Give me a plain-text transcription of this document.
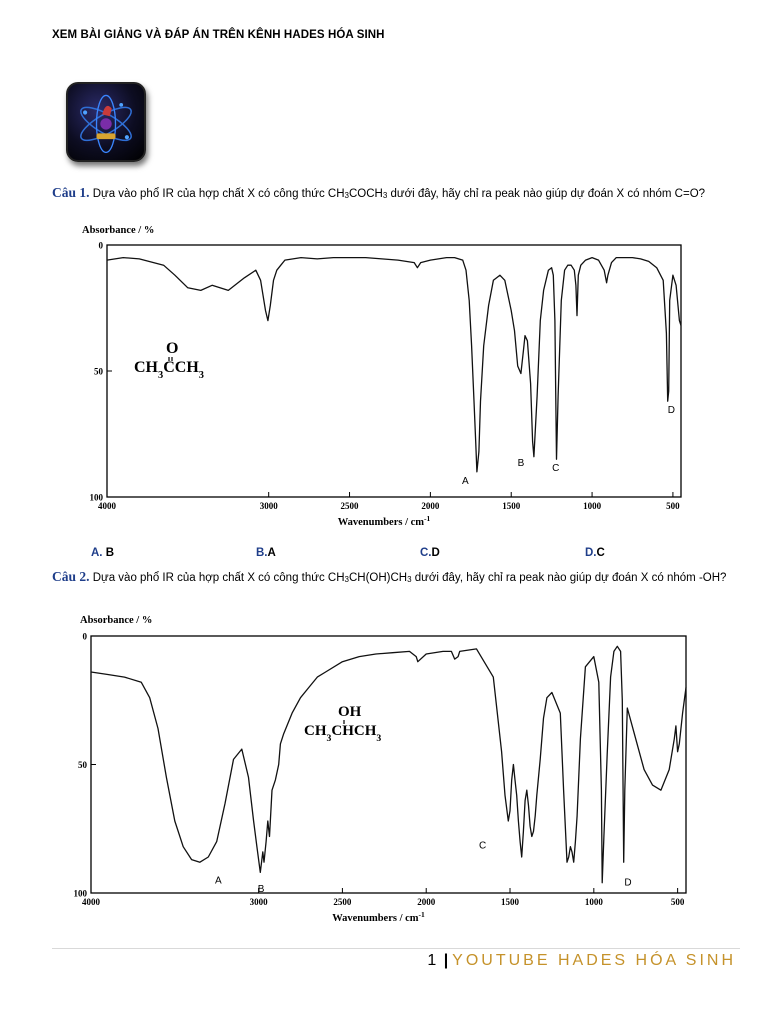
XEM BÀI GIẢNG VÀ ĐÁP ÁN TRÊN KÊNH HADES HÓA SINH
Câu 1. Dựa vào phổ IR của hợp chất X có công thức $CH_3COCH_3$ dưới đây, hãy chỉ ra peak nào giúp dự đoán X có nhóm C=O?
Absorbance / %
Wavenumbers / $cm^{-1}$
0
50
100
4000	3000	2500	2000	1500	1000	500
$CH_3CCH_3$
O
A
B	C
D
A. B	B.A	C.D	D.C
Câu 2. Dựa vào phổ IR của hợp chất X có công thức $CH_3CH(OH)CH_3$ dưới đây, hãy chỉ ra peak nào giúp dự đoán X có nhóm -OH?
Absorbance / %
Wavenumbers / $cm^{-1}$
0
50
100
4000	3000	2500	2000	1500	1000	500
$CH_3CHCH_3$
OH
A
B
C
D
1 | YOUTUBE HADES HÓA SINH
